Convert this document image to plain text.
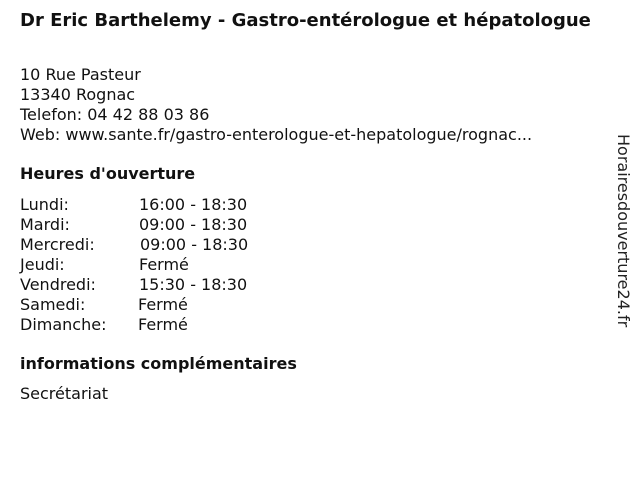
Dr Eric Barthelemy - Gastro-entérologue et hépatologue
10 Rue Pasteur
13340 Rognac
Telefon: 04 42 88 03 86
Web: www.sante.fr/gastro-enterologue-et-hepatologue/rognac...
Heures d'ouverture
Lundi:	16:00 - 18:30
Mardi:	09:00 - 18:30
Mercredi:	09:00 - 18:30
Jeudi:	Fermé
Vendredi:	15:30 - 18:30
Samedi:	Fermé
Dimanche: Fermé
informations complémentaires
Secrétariat
Horairesdouverture24.fr
